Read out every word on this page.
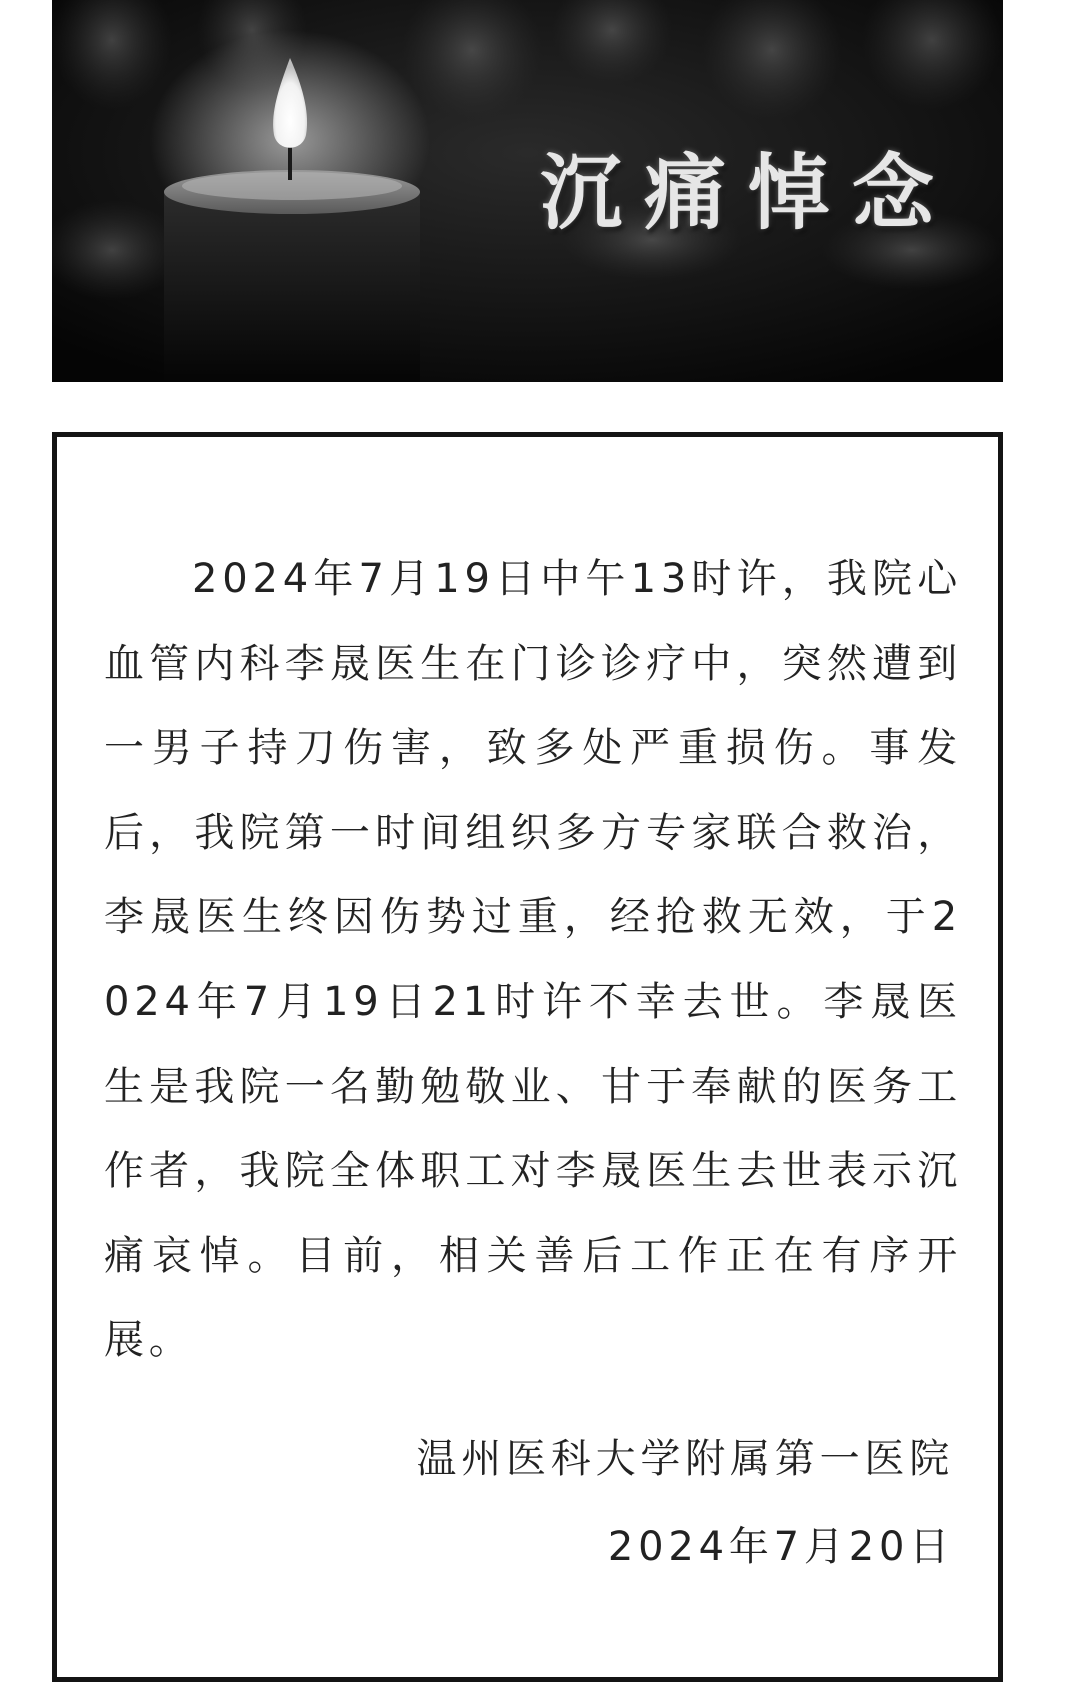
沉痛悼念

2024年7月19日中午13时许，我院心血管内科李晟医生在门诊诊疗中，突然遭到一男子持刀伤害，致多处严重损伤。事发后，我院第一时间组织多方专家联合救治，李晟医生终因伤势过重，经抢救无效，于2024年7月19日21时许不幸去世。李晟医生是我院一名勤勉敬业、甘于奉献的医务工作者，我院全体职工对李晟医生去世表示沉痛哀悼。目前，相关善后工作正在有序开展。

温州医科大学附属第一医院

2024年7月20日
